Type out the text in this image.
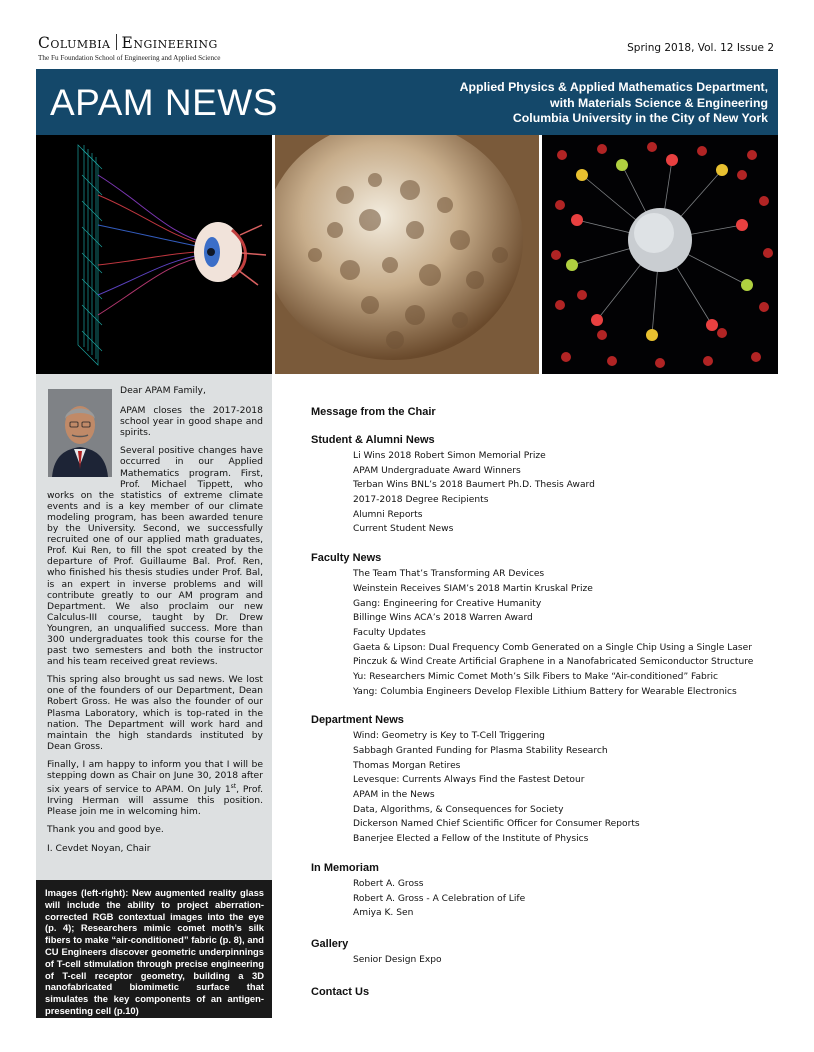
Columbia Engineering
The Fu Foundation School of Engineering and Applied Science
Spring 2018, Vol. 12 Issue 2
APAM NEWS	Applied Physics & Applied Mathematics Department,
with Materials Science & Engineering
Columbia University in the City of New York

Dear APAM Family,

APAM closes the 2017-2018 school year in good shape and spirits.

Several positive changes have occurred in our Applied Mathematics program. First, Prof. Michael Tippett, who works on the statistics of extreme climate events and is a key member of our climate modeling program, has been awarded tenure by the University. Second, we successfully recruited one of our applied math graduates, Prof. Kui Ren, to fill the spot created by the departure of Prof. Guillaume Bal. Prof. Ren, who finished his thesis studies under Prof. Bal, is an expert in inverse problems and will contribute greatly to our AM program and Department. We also proclaim our new Calculus-III course, taught by Dr. Drew Youngren, an unqualified success. More than 300 undergraduates took this course for the past two semesters and both the instructor and his team received great reviews.

This spring also brought us sad news. We lost one of the founders of our Department, Dean Robert Gross. He was also the founder of our Plasma Laboratory, which is top-rated in the nation. The Department will work hard and maintain the high standards instituted by Dean Gross.

Finally, I am happy to inform you that I will be stepping down as Chair on June 30, 2018 after six years of service to APAM. On July 1st, Prof. Irving Herman will assume this position. Please join me in welcoming him.

Thank you and good bye.

I. Cevdet Noyan, Chair

Images (left-right): New augmented reality glass will include the ability to project aberration-corrected RGB contextual images into the eye (p. 4); Researchers mimic comet moth’s silk fibers to make “air-conditioned” fabric (p. 8), and CU Engineers discover geometric underpinnings of T-cell stimulation through precise engineering of T-cell receptor geometry, building a 3D nanofabricated biomimetic surface that simulates the key components of an antigen-presenting cell (p.10)
Message from the Chair
Student & Alumni News
Li Wins 2018 Robert Simon Memorial Prize
APAM Undergraduate Award Winners
Terban Wins BNL’s 2018 Baumert Ph.D. Thesis Award
2017-2018 Degree Recipients
Alumni Reports
Current Student News
Faculty News
The Team That’s Transforming AR Devices
Weinstein Receives SIAM’s 2018 Martin Kruskal Prize
Gang: Engineering for Creative Humanity
Billinge Wins ACA’s 2018 Warren Award
Faculty Updates
Gaeta & Lipson: Dual Frequency Comb Generated on a Single Chip Using a Single Laser
Pinczuk & Wind Create Artificial Graphene in a Nanofabricated Semiconductor Structure
Yu: Researchers Mimic Comet Moth’s Silk Fibers to Make “Air-conditioned” Fabric
Yang: Columbia Engineers Develop Flexible Lithium Battery for Wearable Electronics
Department News
Wind: Geometry is Key to T-Cell Triggering
Sabbagh Granted Funding for Plasma Stability Research
Thomas Morgan Retires
Levesque: Currents Always Find the Fastest Detour
APAM in the News
Data, Algorithms, & Consequences for Society
Dickerson Named Chief Scientific Officer for Consumer Reports
Banerjee Elected a Fellow of the Institute of Physics
In Memoriam
Robert A. Gross
Robert A. Gross - A Celebration of Life
Amiya K. Sen
Gallery
Senior Design Expo
Contact Us
